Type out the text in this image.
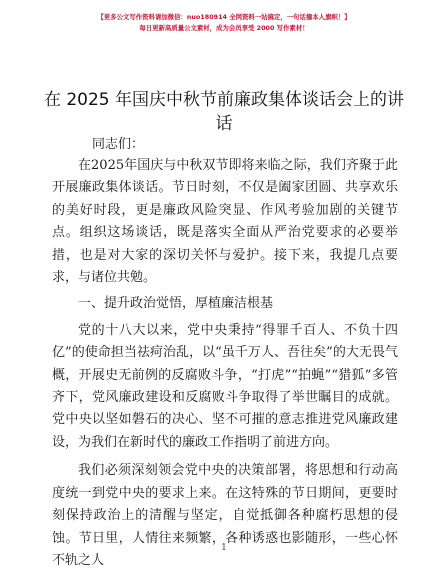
【更多公文写作资料请加微信：nuo180914 全网资料一站搞定，一句话撞本人旗帜！】
每日更新高质量公文素材，成为会员享受 2000 写作素材！
在 2025 年国庆中秋节前廉政集体谈话会上的讲话
同志们：

在2025年国庆与中秋双节即将来临之际，我们齐聚于此开展廉政集体谈话。节日时刻，不仅是阖家团圆、共享欢乐的美好时段，更是廉政风险突显、作风考验加剧的关键节点。组织这场谈话，既是落实全面从严治党要求的必要举措，也是对大家的深切关怀与爱护。接下来，我提几点要求，与诸位共勉。

一、提升政治觉悟，厚植廉洁根基

党的十八大以来，党中央秉持“得罪千百人、不负十四亿”的使命担当祛疴治乱，以“虽千万人、吾往矣”的大无畏气概，开展史无前例的反腐败斗争，“打虎”“拍蝇”“猎狐”多管齐下，党风廉政建设和反腐败斗争取得了举世瞩目的成就。党中央以坚如磐石的决心、坚不可摧的意志推进党风廉政建设，为我们在新时代的廉政工作指明了前进方向。

我们必须深刻领会党中央的决策部署，将思想和行动高度统一到党中央的要求上来。在这特殊的节日期间，更要时刻保持政治上的清醒与坚定，自觉抵御各种腐朽思想的侵蚀。节日里，人情往来频繁，各种诱惑也影随形，一些心怀不轨之人

1
